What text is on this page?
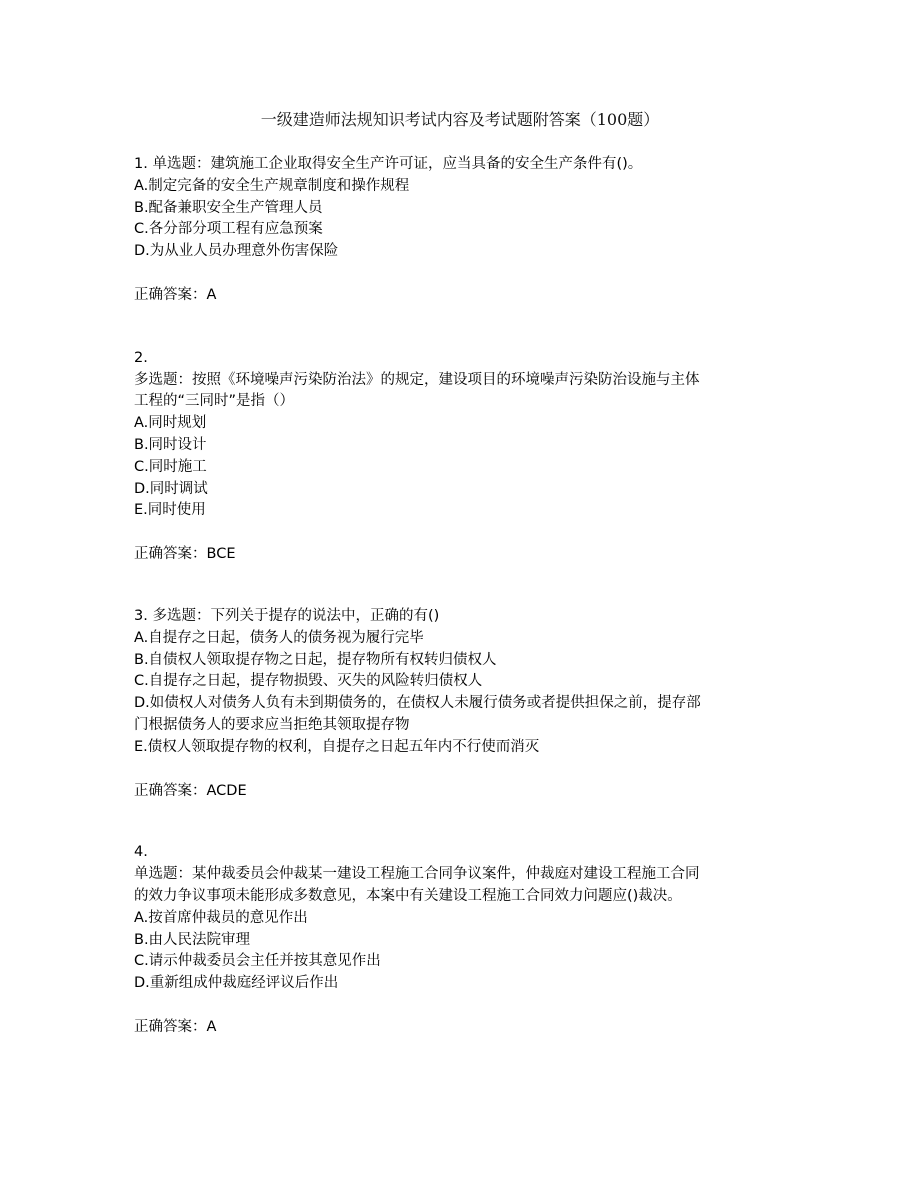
一级建造师法规知识考试内容及考试题附答案（100题）
1. 单选题：建筑施工企业取得安全生产许可证，应当具备的安全生产条件有()。
A.制定完备的安全生产规章制度和操作规程
B.配备兼职安全生产管理人员
C.各分部分项工程有应急预案
D.为从业人员办理意外伤害保险
正确答案：A
2.
多选题：按照《环境噪声污染防治法》的规定，建设项目的环境噪声污染防治设施与主体
工程的“三同时”是指（）
A.同时规划
B.同时设计
C.同时施工
D.同时调试
E.同时使用
正确答案：BCE
3. 多选题：下列关于提存的说法中，正确的有()
A.自提存之日起，债务人的债务视为履行完毕
B.自债权人领取提存物之日起，提存物所有权转归债权人
C.自提存之日起，提存物损毁、灭失的风险转归债权人
D.如债权人对债务人负有未到期债务的，在债权人未履行债务或者提供担保之前，提存部
门根据债务人的要求应当拒绝其领取提存物
E.债权人领取提存物的权利，自提存之日起五年内不行使而消灭
正确答案：ACDE
4.
单选题：某仲裁委员会仲裁某一建设工程施工合同争议案件，仲裁庭对建设工程施工合同
的效力争议事项未能形成多数意见，本案中有关建设工程施工合同效力问题应()裁决。
A.按首席仲裁员的意见作出
B.由人民法院审理
C.请示仲裁委员会主任并按其意见作出
D.重新组成仲裁庭经评议后作出
正确答案：A
